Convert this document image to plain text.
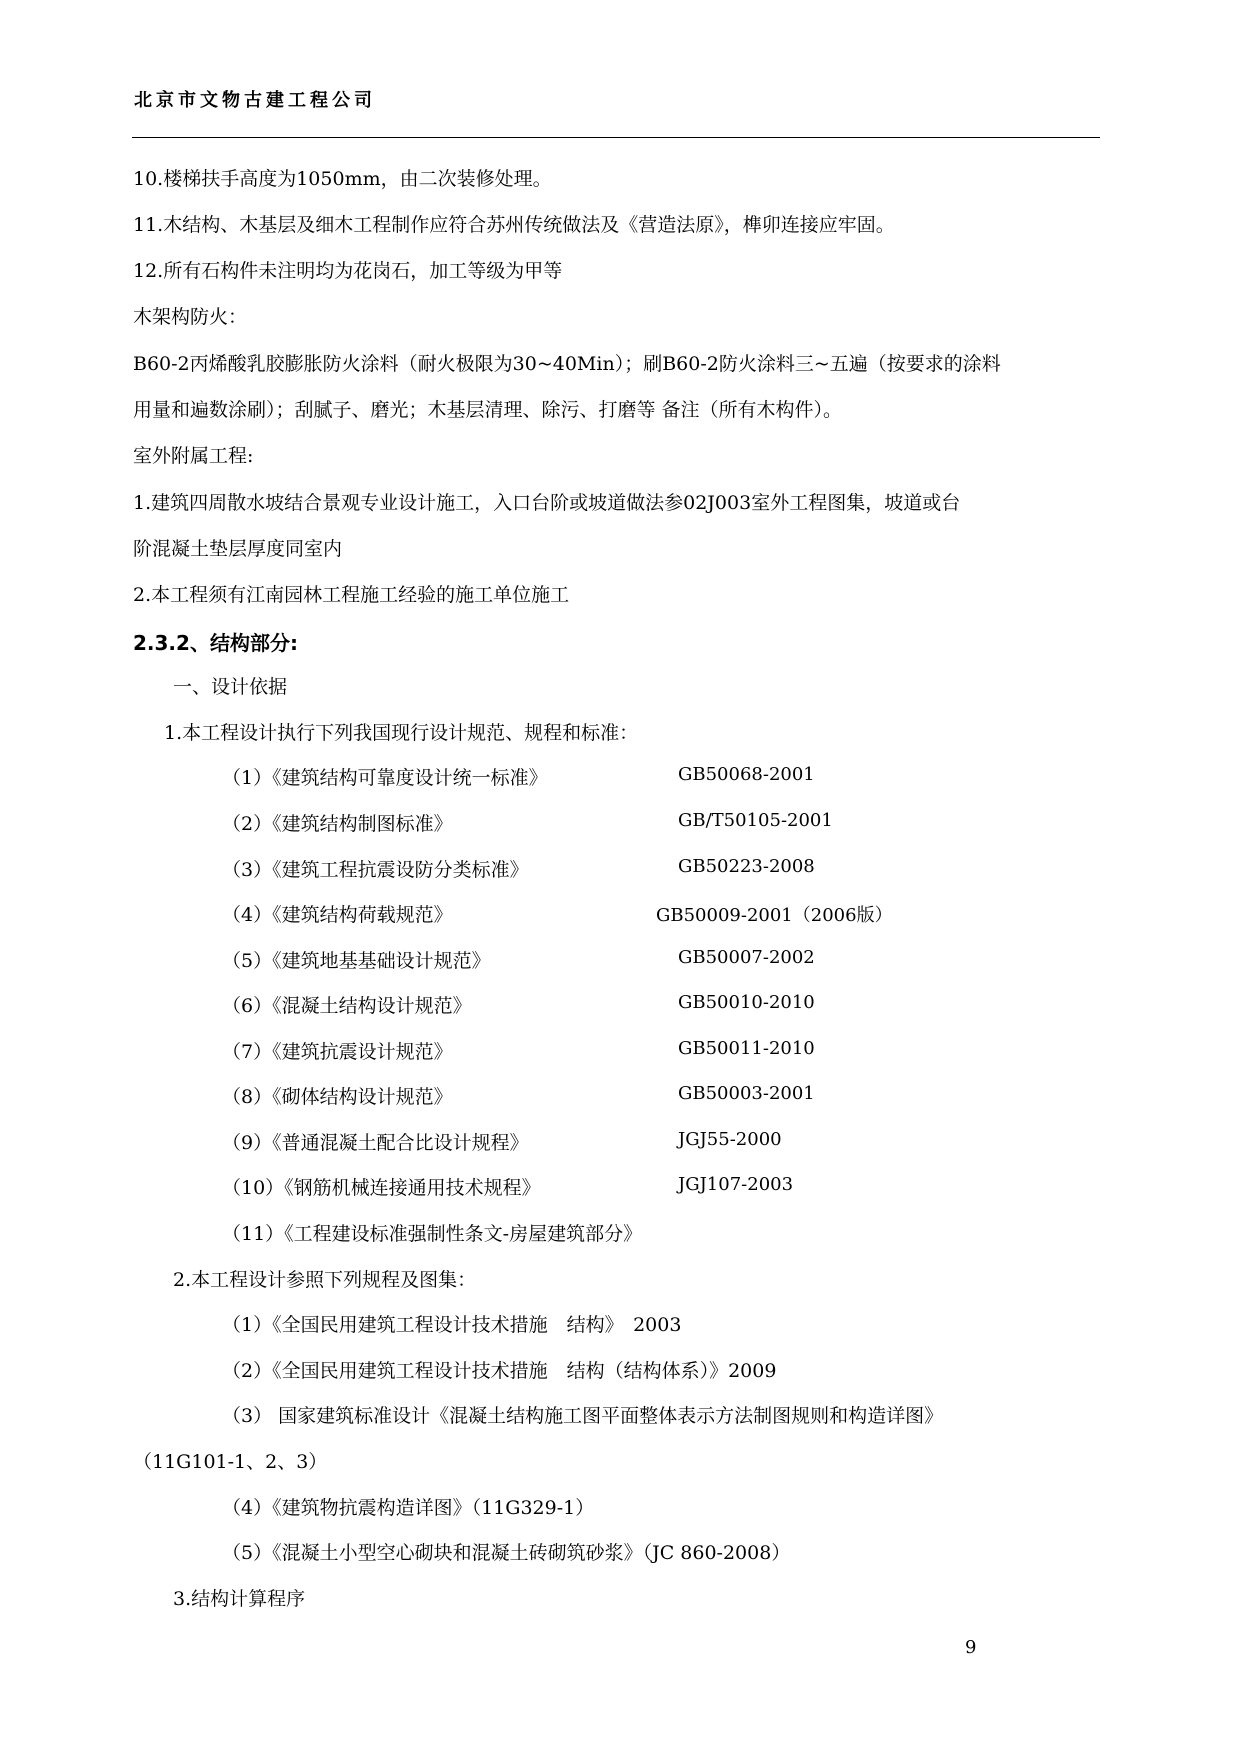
北京市文物古建工程公司
10.楼梯扶手高度为1050mm，由二次装修处理。
11.木结构、木基层及细木工程制作应符合苏州传统做法及《营造法原》，榫卯连接应牢固。
12.所有石构件未注明均为花岗石，加工等级为甲等
木架构防火：
B60-2丙烯酸乳胶膨胀防火涂料（耐火极限为30~40Min）；刷B60-2防火涂料三~五遍（按要求的涂料
用量和遍数涂刷）；刮腻子、磨光；木基层清理、除污、打磨等 备注（所有木构件）。
室外附属工程:
1.建筑四周散水坡结合景观专业设计施工，入口台阶或坡道做法参02J003室外工程图集，坡道或台
阶混凝土垫层厚度同室内
2.本工程须有江南园林工程施工经验的施工单位施工
2.3.2、结构部分:
一、设计依据
1.本工程设计执行下列我国现行设计规范、规程和标准：
（1）《建筑结构可靠度设计统一标准》	GB50068-2001
（2）《建筑结构制图标准》	GB/T50105-2001
（3）《建筑工程抗震设防分类标准》	GB50223-2008
（4）《建筑结构荷载规范》	GB50009-2001（2006版）
（5）《建筑地基基础设计规范》	GB50007-2002
（6）《混凝土结构设计规范》	GB50010-2010
（7）《建筑抗震设计规范》	GB50011-2010
（8）《砌体结构设计规范》	GB50003-2001
（9）《普通混凝土配合比设计规程》	JGJ55-2000
（10）《钢筋机械连接通用技术规程》	JGJ107-2003
（11）《工程建设标准强制性条文-房屋建筑部分》
2.本工程设计参照下列规程及图集：
（1）《全国民用建筑工程设计技术措施　结构》　2003
（2）《全国民用建筑工程设计技术措施　结构（结构体系）》2009
（3） 国家建筑标准设计《混凝土结构施工图平面整体表示方法制图规则和构造详图》
（11G101-1、2、3）
（4）《建筑物抗震构造详图》（11G329-1）
（5）《混凝土小型空心砌块和混凝土砖砌筑砂浆》（JC 860-2008）
3.结构计算程序
9
